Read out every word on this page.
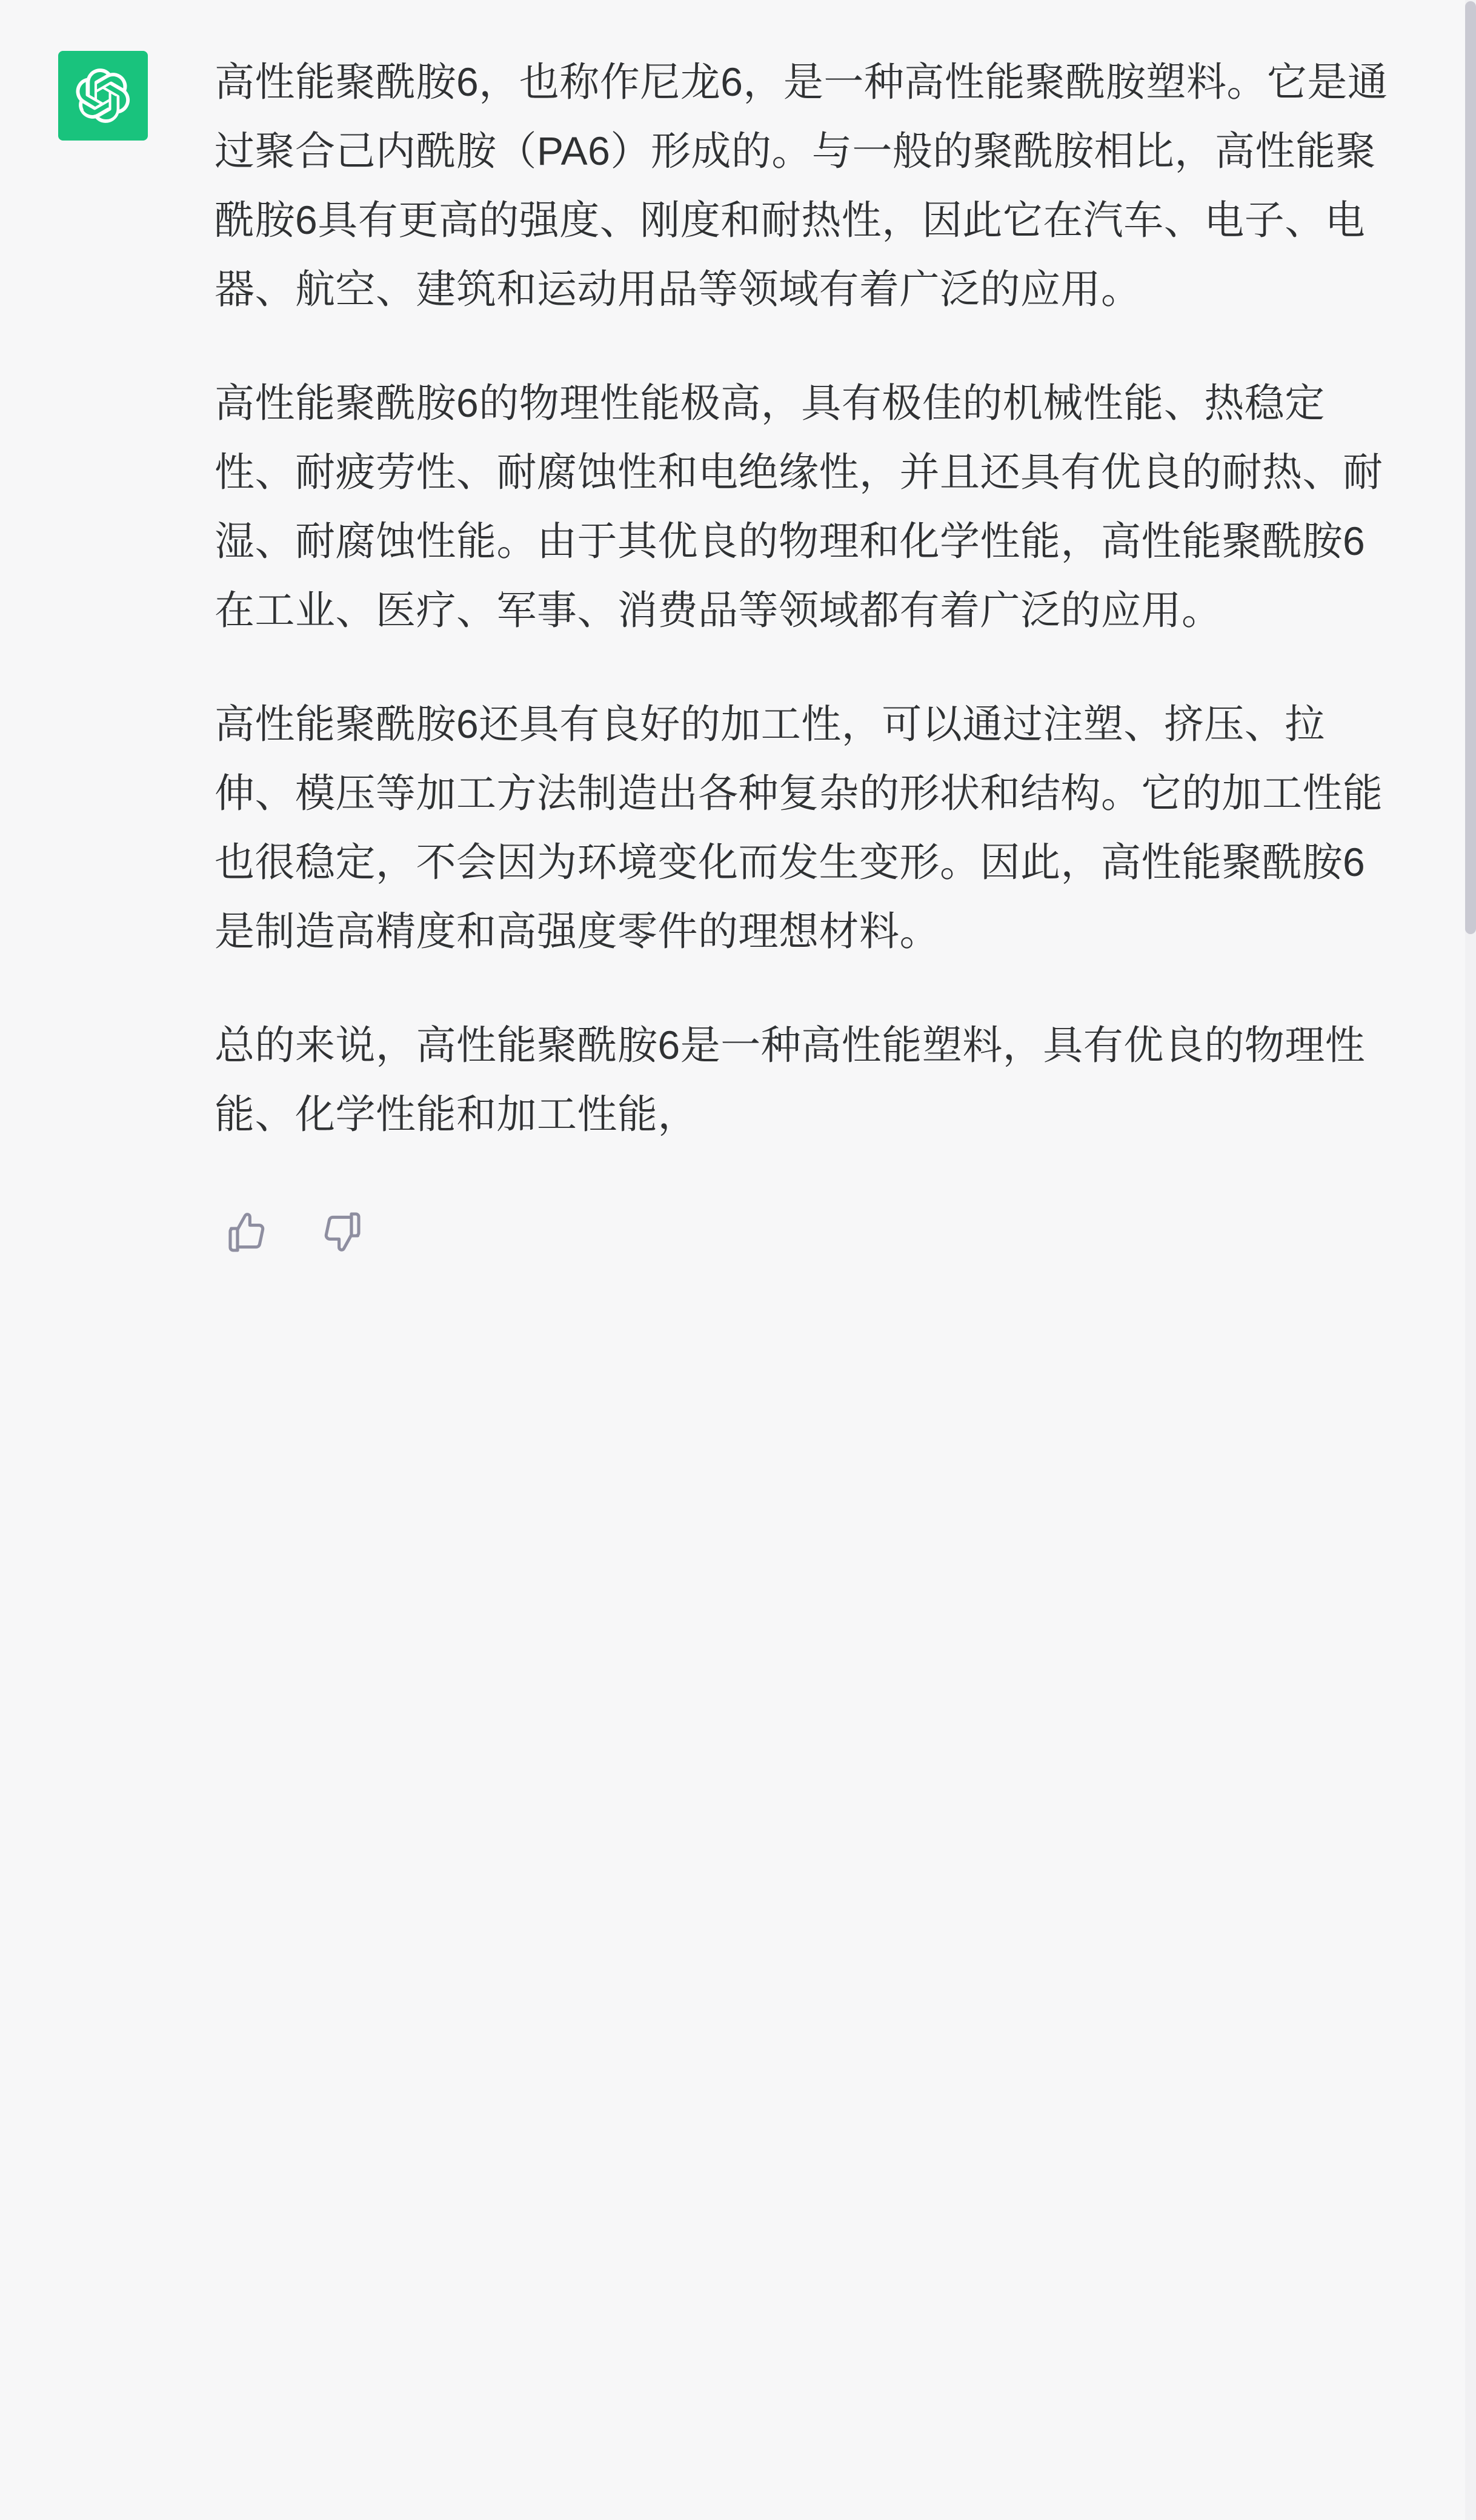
高性能聚酰胺6，也称作尼龙6，是一种高性能聚酰胺塑料。它是通过聚合己内酰胺（PA6）形成的。与一般的聚酰胺相比，高性能聚酰胺6具有更高的强度、刚度和耐热性，因此它在汽车、电子、电器、航空、建筑和运动用品等领域有着广泛的应用。

高性能聚酰胺6的物理性能极高，具有极佳的机械性能、热稳定性、耐疲劳性、耐腐蚀性和电绝缘性，并且还具有优良的耐热、耐湿、耐腐蚀性能。由于其优良的物理和化学性能，高性能聚酰胺6在工业、医疗、军事、消费品等领域都有着广泛的应用。

高性能聚酰胺6还具有良好的加工性，可以通过注塑、挤压、拉伸、模压等加工方法制造出各种复杂的形状和结构。它的加工性能也很稳定，不会因为环境变化而发生变形。因此，高性能聚酰胺6是制造高精度和高强度零件的理想材料。

总的来说，高性能聚酰胺6是一种高性能塑料，具有优良的物理性能、化学性能和加工性能，
